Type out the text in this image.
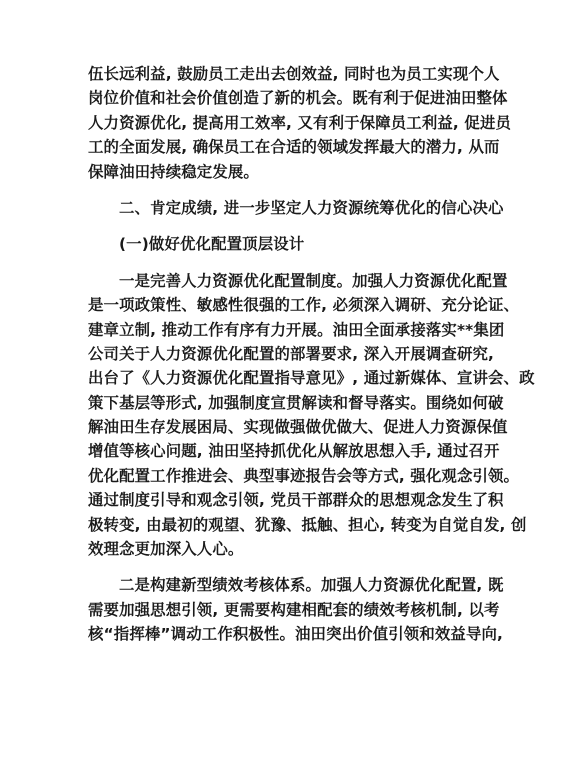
伍长远利益, 鼓励员工走出去创效益, 同时也为员工实现个人
岗位价值和社会价值创造了新的机会。既有利于促进油田整体
人力资源优化, 提高用工效率, 又有利于保障员工利益, 促进员
工的全面发展, 确保员工在合适的领域发挥最大的潜力, 从而
保障油田持续稳定发展。
二、肯定成绩, 进一步坚定人力资源统筹优化的信心决心
(一)做好优化配置顶层设计
一是完善人力资源优化配置制度。加强人力资源优化配置
是一项政策性、敏感性很强的工作, 必须深入调研、充分论证、
建章立制, 推动工作有序有力开展。油田全面承接落实**集团
公司关于人力资源优化配置的部署要求, 深入开展调查研究,
出台了《人力资源优化配置指导意见》, 通过新媒体、宣讲会、政
策下基层等形式, 加强制度宣贯解读和督导落实。围绕如何破
解油田生存发展困局、实现做强做优做大、促进人力资源保值
增值等核心问题, 油田坚持抓优化从解放思想入手, 通过召开
优化配置工作推进会、典型事迹报告会等方式, 强化观念引领。
通过制度引导和观念引领, 党员干部群众的思想观念发生了积
极转变, 由最初的观望、犹豫、抵触、担心, 转变为自觉自发, 创
效理念更加深入人心。
二是构建新型绩效考核体系。加强人力资源优化配置, 既
需要加强思想引领, 更需要构建相配套的绩效考核机制, 以考
核“指挥棒”调动工作积极性。油田突出价值引领和效益导向,
